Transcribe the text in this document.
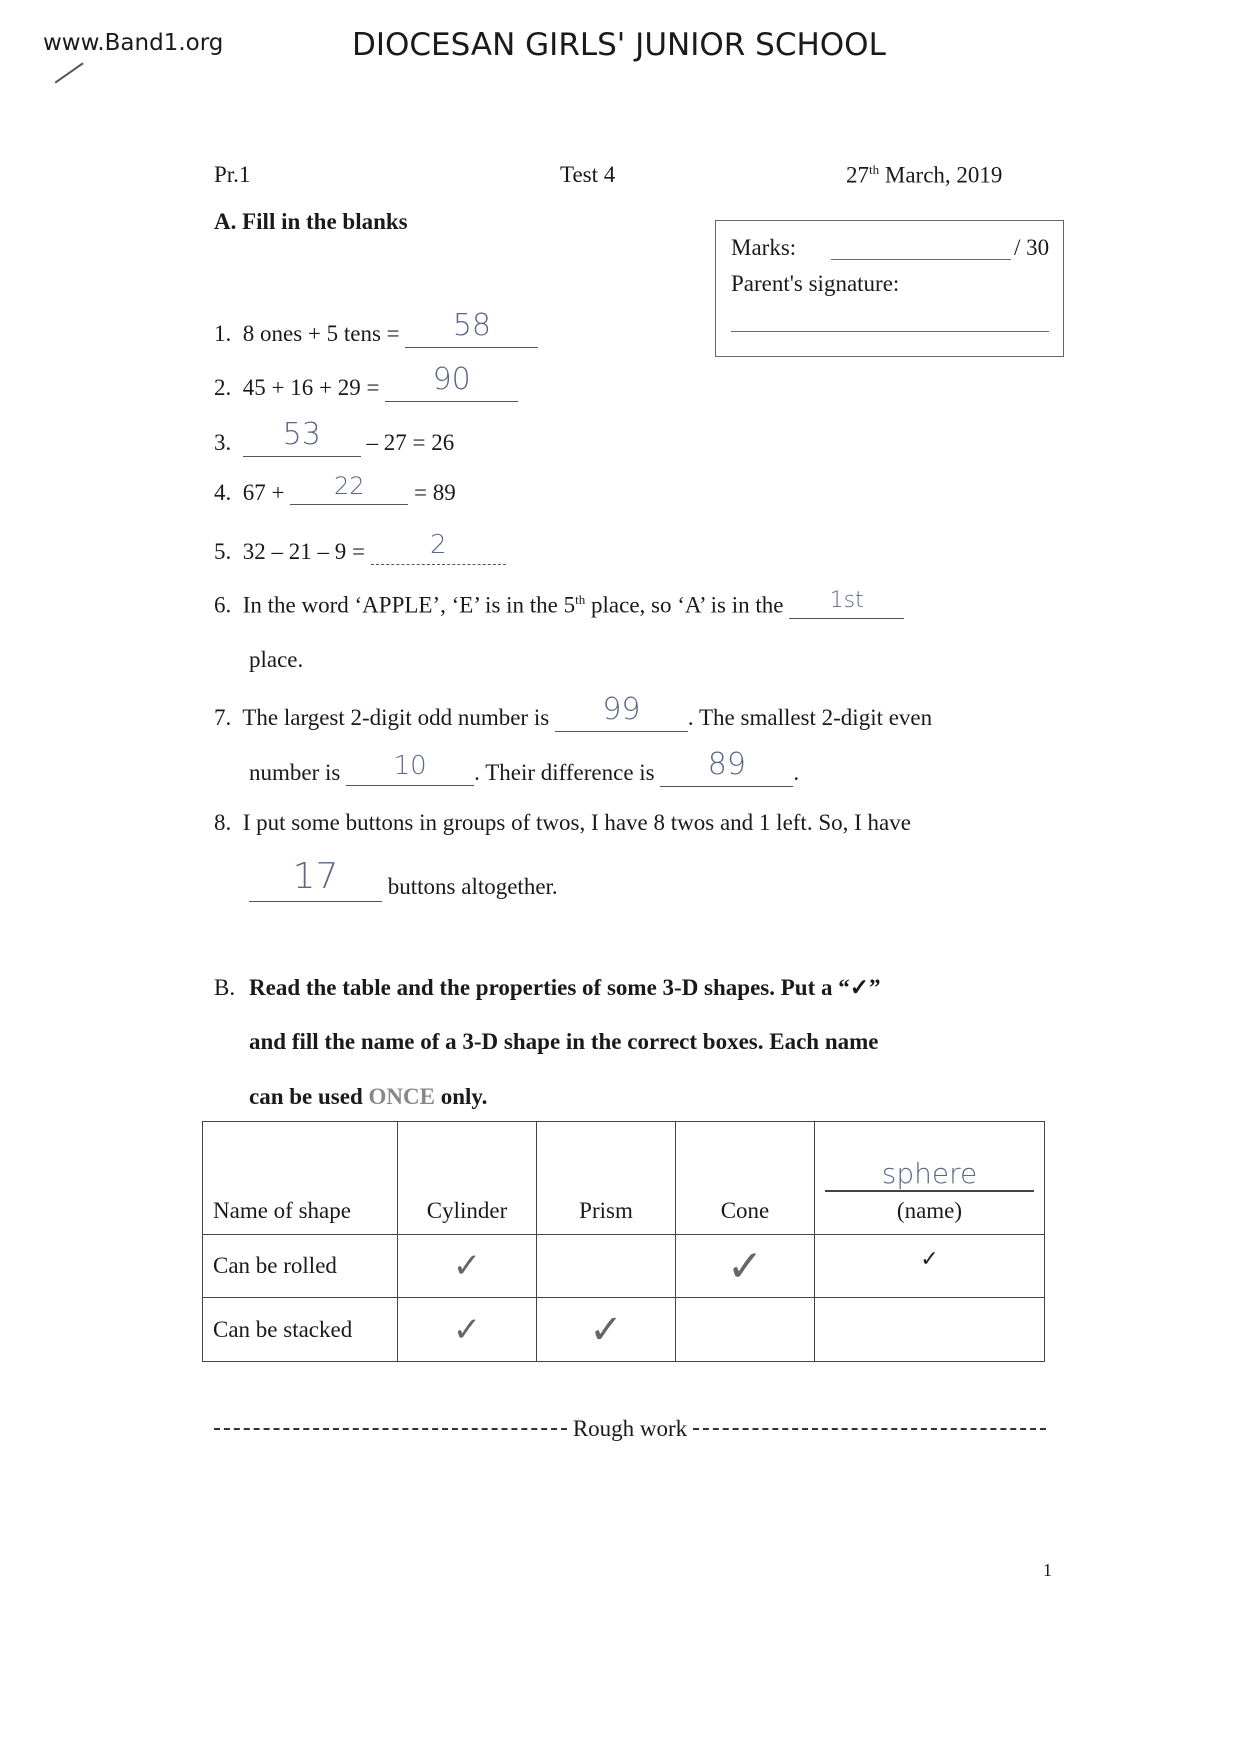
www.Band1.org	DIOCESAN GIRLS' JUNIOR SCHOOL
Pr.1	Test 4	27th March, 2019
A. Fill in the blanks
Marks:	/ 30
Parent's signature:
1. 8 ones + 5 tens = 58
2. 45 + 16 + 29 = 90
3. 53 – 27 = 26
4. 67 + 22 = 89
5. 32 – 21 – 9 = 2
6. In the word ‘APPLE’, ‘E’ is in the 5th place, so ‘A’ is in the 1st
place.
7. The largest 2-digit odd number is 99 . The smallest 2-digit even
number is 10 . Their difference is 89 .
8. I put some buttons in groups of twos, I have 8 twos and 1 left. So, I have
17 buttons altogether.
B. Read the table and the properties of some 3-D shapes. Put a “✓”
and fill the name of a 3-D shape in the correct boxes. Each name
can be used ONCE only.
Name of shape	Cylinder	Prism	Cone	sphere
(name)
Can be rolled	✓		✓	✓
Can be stacked	✓	✓		
Rough work
1
